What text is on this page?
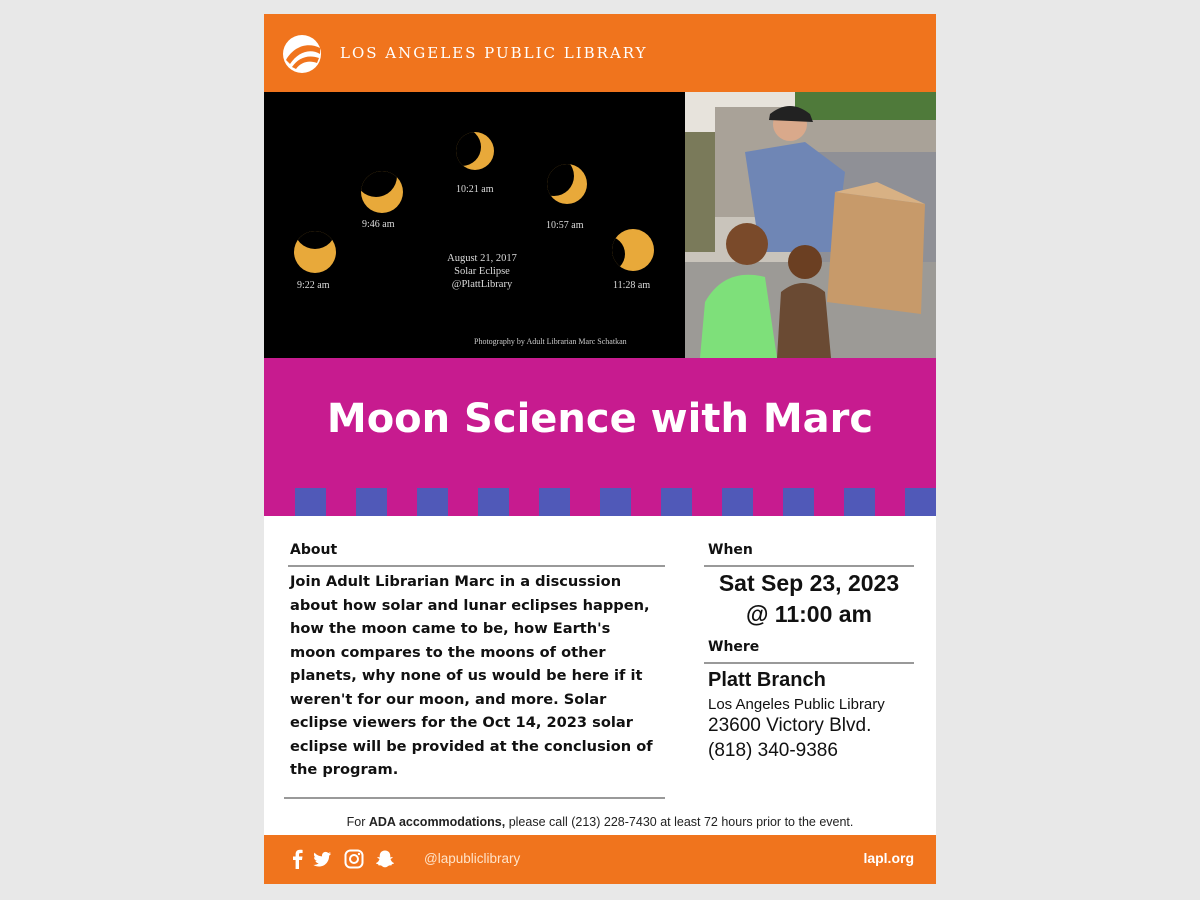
LOS ANGELES PUBLIC LIBRARY
9:22 am
9:46 am
10:21 am
10:57 am
11:28 am
August 21, 2017
Solar Eclipse
@PlattLibrary
Photography by Adult Librarian Marc Schatkan
Moon Science with Marc
About

Join Adult Librarian Marc in a discussion about how solar and lunar eclipses happen, how the moon came to be, how Earth's moon compares to the moons of other planets, why none of us would be here if it weren't for our moon, and more. Solar eclipse viewers for the Oct 14, 2023 solar eclipse will be provided at the conclusion of the program.

When
Sat Sep 23, 2023
@ 11:00 am
Where
Platt Branch
Los Angeles Public Library
23600 Victory Blvd.
(818) 340-9386
For ADA accommodations, please call (213) 228-7430 at least 72 hours prior to the event.
@lapubliclibrary	lapl.org
